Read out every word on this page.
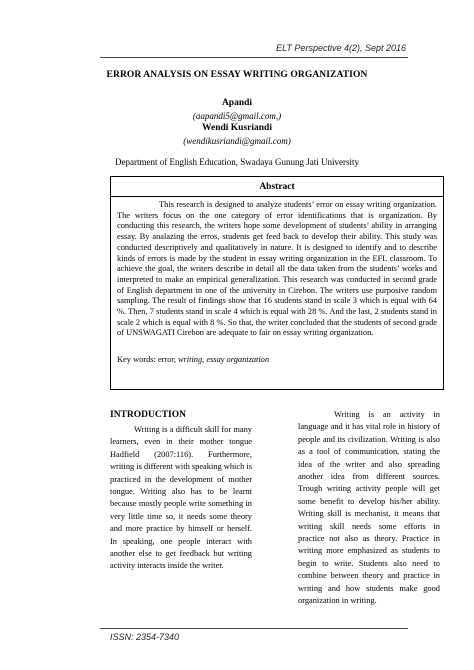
ELT Perspective 4(2), Sept 2016
ERROR ANALYSIS ON ESSAY WRITING ORGANIZATION
Apandi
(aapandi5@gmail.com,)
Wendi Kusriandi
(wendikusriandi@gmail.com)
Department of English Education, Swadaya Gunung Jati University
Abstract
This research is designed to analyze students’ error on essay writing organization. The writers focus on the one category of error identifications that is organization. By conducting this research, the writers hope some development of students’ ability in arranging essay. By analazing the erros, students get feed back to develop their ability. This study was conducted descriptively and qualitatively in nature. It is designed to identify and to describe kinds of errors is made by the student in essay writing organization in the EFL classroom. To achieve the goal, the writers describe in detail all the data taken from the students’ works and interpreted to make an empirical generalization. This research was conducted in second grade of English department in one of the university in Cirebon. The writers use purposive random sampling. The result of findings show that 16 students stand in scale 3 which is equal with 64 %. Then, 7 students stand in scale 4 which is equal with 28 %. And the last, 2 students stand in scale 2 which is equal with 8 %. So that, the writer concluded that the students of second grade of UNSWAGATI Cirebon are adequate to fair on essay writing organization.
Key words: error, writing, essay organization
INTRODUCTION

Writing is a difficult skill for many learners, even in their mother tongue Hadfield (2007:116). Furthermore, writing is different with speaking which is practiced in the development of mother tongue. Writing also has to be learnt because mostly people write something in very little time so, it needs some theory and more practice by himself or herself. In speaking, one people interact with another else to get feedback but writing activity interacts inside the writer.

Writing is an activity in language and it has vital role in history of people and its civilization. Writing is also as a tool of communication, stating the idea of the writer and also spreading another idea from different sources. Trough writing activity people will get some benefit to develop his/her ability. Writing skill is mechanist, it means that writing skill needs some efforts in practice not also as theory. Practice in writing more emphasized as students to begin to write. Students also need to combine between theory and practice in writing and how students make good organization in writing.

ISSN: 2354-7340
